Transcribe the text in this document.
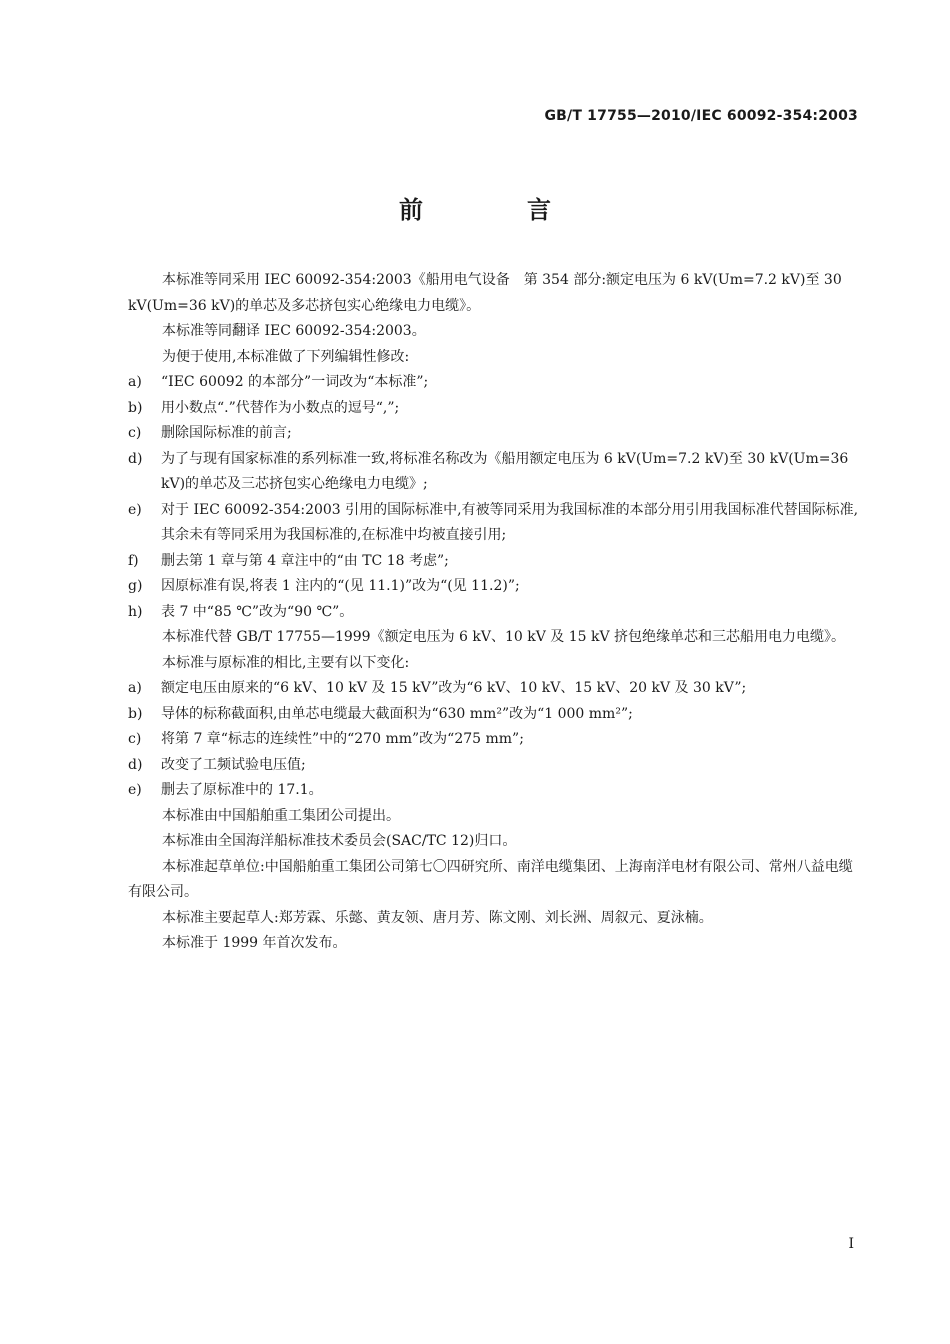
GB/T 17755—2010/IEC 60092-354:2003
前　言

本标准等同采用 IEC 60092-354:2003《船用电气设备　第 354 部分:额定电压为 6 kV(Um=7.2 kV)至 30 kV(Um=36 kV)的单芯及多芯挤包实心绝缘电力电缆》。

本标准等同翻译 IEC 60092-354:2003。

为便于使用,本标准做了下列编辑性修改:

a)	“IEC 60092 的本部分”一词改为“本标准”;
b)	用小数点“.”代替作为小数点的逗号“,”;
c)	删除国际标准的前言;
d)	为了与现有国家标准的系列标准一致,将标准名称改为《船用额定电压为 6 kV(Um=7.2 kV)至 30 kV(Um=36 kV)的单芯及三芯挤包实心绝缘电力电缆》;
e)	对于 IEC 60092-354:2003 引用的国际标准中,有被等同采用为我国标准的本部分用引用我国标准代替国际标准,其余未有等同采用为我国标准的,在标准中均被直接引用;
f)	删去第 1 章与第 4 章注中的“由 TC 18 考虑”;
g)	因原标准有误,将表 1 注内的“(见 11.1)”改为“(见 11.2)”;
h)	表 7 中“85 ℃”改为“90 ℃”。

本标准代替 GB/T 17755—1999《额定电压为 6 kV、10 kV 及 15 kV 挤包绝缘单芯和三芯船用电力电缆》。

本标准与原标准的相比,主要有以下变化:

a)	额定电压由原来的“6 kV、10 kV 及 15 kV”改为“6 kV、10 kV、15 kV、20 kV 及 30 kV”;
b)	导体的标称截面积,由单芯电缆最大截面积为“630 mm²”改为“1 000 mm²”;
c)	将第 7 章“标志的连续性”中的“270 mm”改为“275 mm”;
d)	改变了工频试验电压值;
e)	删去了原标准中的 17.1。

本标准由中国船舶重工集团公司提出。

本标准由全国海洋船标准技术委员会(SAC/TC 12)归口。

本标准起草单位:中国船舶重工集团公司第七〇四研究所、南洋电缆集团、上海南洋电材有限公司、常州八益电缆有限公司。

本标准主要起草人:郑芳霖、乐懿、黄友领、唐月芳、陈文刚、刘长洲、周叙元、夏泳楠。

本标准于 1999 年首次发布。

I
